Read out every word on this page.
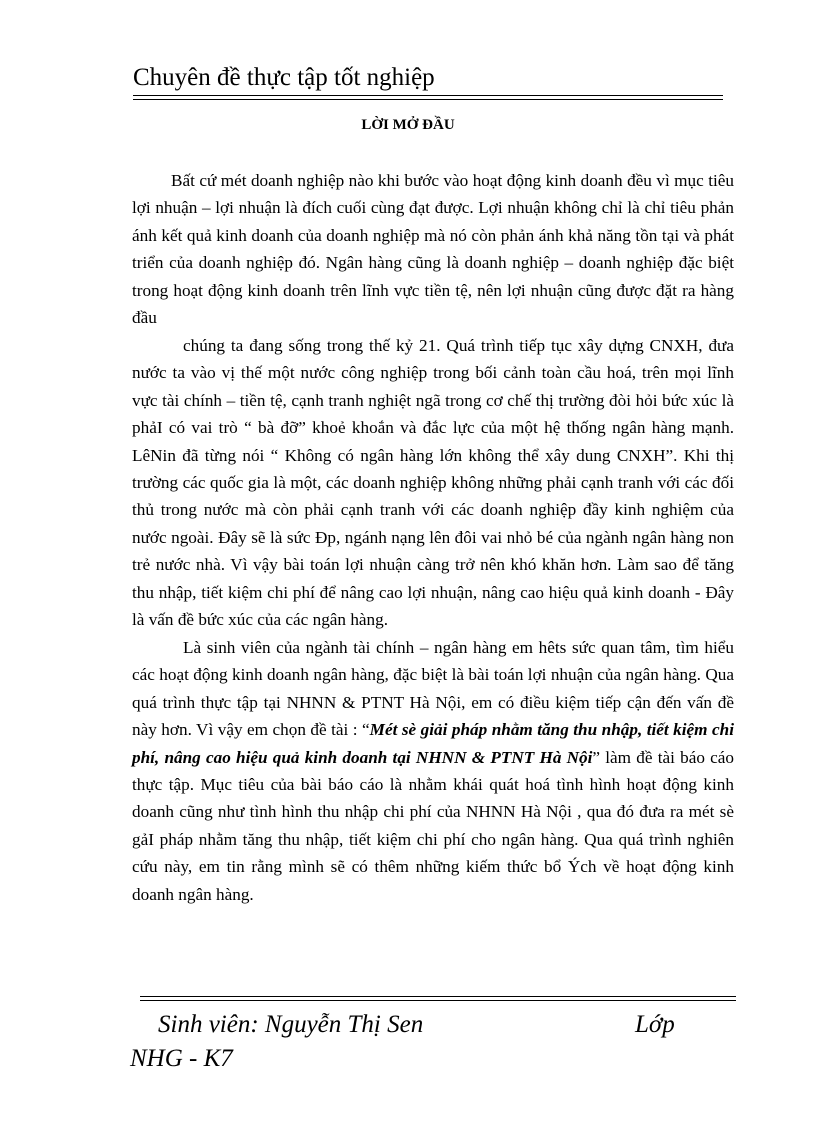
Chuyên đề thực tập tốt nghiệp
LỜI MỞ ĐẦU

Bất cứ mét doanh nghiệp nào khi bước vào hoạt động kinh doanh đều vì mục tiêu lợi nhuận – lợi nhuận là đích cuối cùng đạt được. Lợi nhuận không chỉ là chỉ tiêu phản ánh kết quả kinh doanh của doanh nghiệp mà nó còn phản ánh khả năng tồn tại và phát triển của doanh nghiệp đó. Ngân hàng cũng là doanh nghiệp – doanh nghiệp đặc biệt trong hoạt động kinh doanh trên lĩnh vực tiền tệ, nên lợi nhuận cũng được đặt ra hàng đầu

chúng ta đang sống trong thế kỷ 21. Quá trình tiếp tục xây dựng CNXH, đưa nước ta vào vị thế một nước công nghiệp trong bối cảnh toàn cầu hoá, trên mọi lĩnh vực tài chính – tiền tệ, cạnh tranh nghiệt ngã trong cơ chế thị trường đòi hỏi bức xúc là phảI có vai trò “ bà đỡ” khoẻ khoắn và đắc lực của một hệ thống ngân hàng mạnh. LêNin đã từng nói “ Không có ngân hàng lớn không thể xây dung CNXH”. Khi thị trường các quốc gia là một, các doanh nghiệp không những phải cạnh tranh với các đối thủ trong nước mà còn phải cạnh tranh với các doanh nghiệp đầy kinh nghiệm của nước ngoài. Đây sẽ là sức Đp, ngánh nạng lên đôi vai nhỏ bé của ngành ngân hàng non trẻ nước nhà. Vì vậy bài toán lợi nhuận càng trở nên khó khăn hơn. Làm sao để tăng thu nhập, tiết kiệm chi phí để nâng cao lợi nhuận, nâng cao hiệu quả kinh doanh - Đây là vấn đề bức xúc của các ngân hàng.

Là sinh viên của ngành tài chính – ngân hàng em hêts sức quan tâm, tìm hiểu các hoạt động kinh doanh ngân hàng, đặc biệt là bài toán lợi nhuận của ngân hàng. Qua quá trình thực tập tại NHNN & PTNT Hà Nội, em có điều kiệm tiếp cận đến vấn đề này hơn. Vì vậy em chọn đề tài : “Mét sè giải pháp nhằm tăng thu nhập, tiết kiệm chi phí, nâng cao hiệu quả kinh doanh tại NHNN & PTNT Hà Nội” làm đề tài báo cáo thực tập. Mục tiêu của bài báo cáo là nhằm khái quát hoá tình hình hoạt động kinh doanh cũng như tình hình thu nhập chi phí của NHNN Hà Nội , qua đó đưa ra mét sè gảI pháp nhằm tăng thu nhập, tiết kiệm chi phí cho ngân hàng. Qua quá trình nghiên cứu này, em tin rằng mình sẽ có thêm những kiếm thức bổ Ých về hoạt động kinh doanh ngân hàng.

Sinh viên: Nguyễn Thị Sen	Lớp
NHG - K7
